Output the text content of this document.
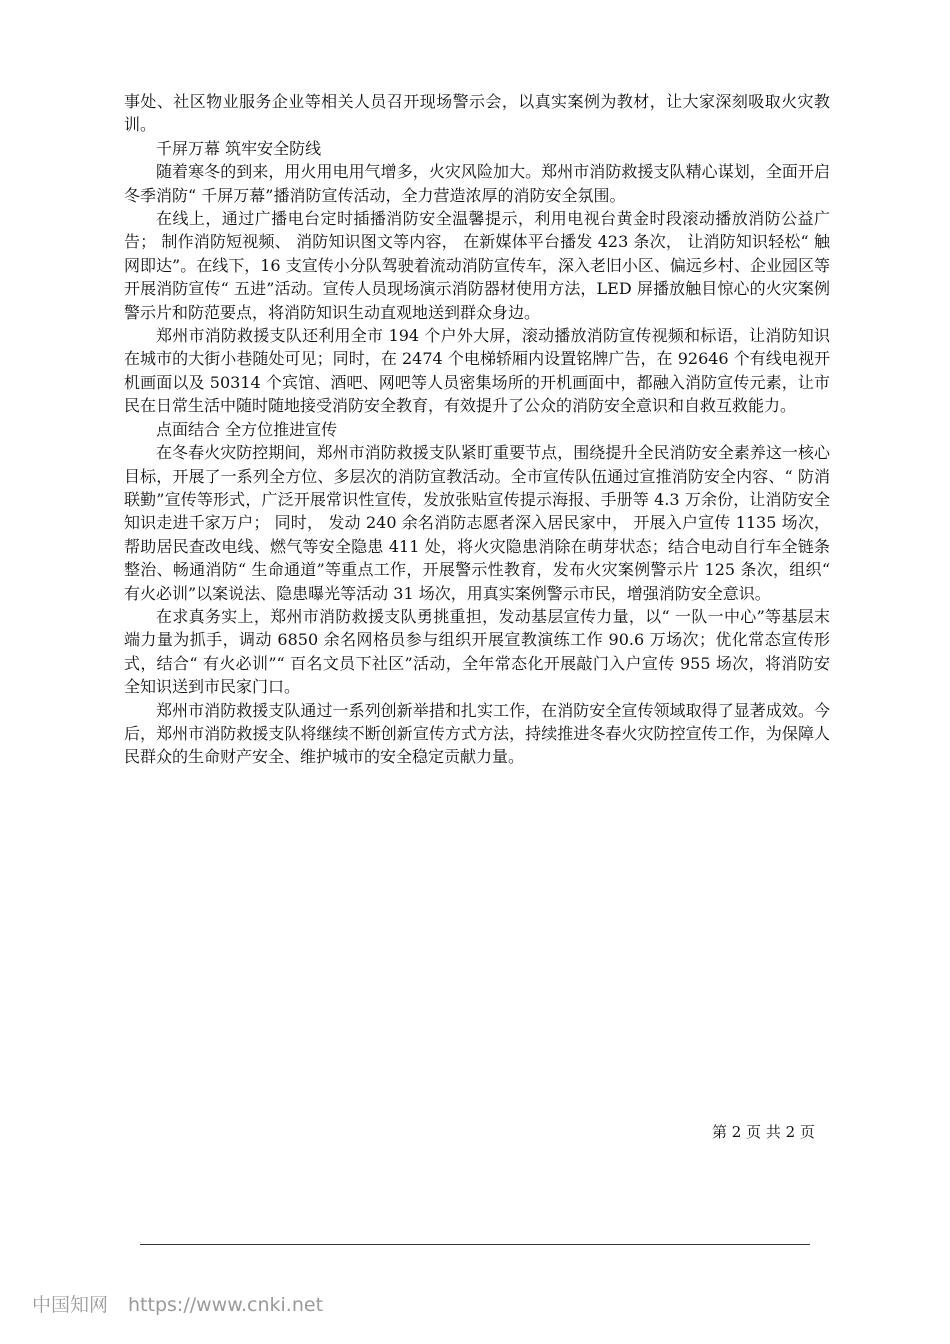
事处、社区物业服务企业等相关人员召开现场警示会，以真实案例为教材，让大家深刻吸取火灾教训。

千屏万幕 筑牢安全防线

随着寒冬的到来，用火用电用气增多，火灾风险加大。郑州市消防救援支队精心谋划，全面开启冬季消防“ 千屏万幕”播消防宣传活动，全力营造浓厚的消防安全氛围。

在线上，通过广播电台定时插播消防安全温馨提示，利用电视台黄金时段滚动播放消防公益广告； 制作消防短视频、 消防知识图文等内容， 在新媒体平台播发 423 条次， 让消防知识轻松“ 触网即达”。在线下，16 支宣传小分队驾驶着流动消防宣传车，深入老旧小区、偏远乡村、企业园区等开展消防宣传“ 五进”活动。宣传人员现场演示消防器材使用方法，LED 屏播放触目惊心的火灾案例警示片和防范要点，将消防知识生动直观地送到群众身边。

郑州市消防救援支队还利用全市 194 个户外大屏，滚动播放消防宣传视频和标语，让消防知识在城市的大街小巷随处可见；同时，在 2474 个电梯轿厢内设置铭牌广告，在 92646 个有线电视开机画面以及 50314 个宾馆、酒吧、网吧等人员密集场所的开机画面中，都融入消防宣传元素，让市民在日常生活中随时随地接受消防安全教育，有效提升了公众的消防安全意识和自救互救能力。

点面结合 全方位推进宣传

在冬春火灾防控期间，郑州市消防救援支队紧盯重要节点，围绕提升全民消防安全素养这一核心目标，开展了一系列全方位、多层次的消防宣教活动。全市宣传队伍通过宣推消防安全内容、“ 防消联勤”宣传等形式，广泛开展常识性宣传，发放张贴宣传提示海报、手册等 4.3 万余份，让消防安全知识走进千家万户； 同时， 发动 240 余名消防志愿者深入居民家中， 开展入户宣传 1135 场次，帮助居民查改电线、燃气等安全隐患 411 处，将火灾隐患消除在萌芽状态；结合电动自行车全链条整治、畅通消防“ 生命通道”等重点工作，开展警示性教育，发布火灾案例警示片 125 条次，组织“ 有火必训”以案说法、隐患曝光等活动 31 场次，用真实案例警示市民，增强消防安全意识。

在求真务实上，郑州市消防救援支队勇挑重担，发动基层宣传力量，以“ 一队一中心”等基层末端力量为抓手，调动 6850 余名网格员参与组织开展宣教演练工作 90.6 万场次；优化常态宣传形式，结合“ 有火必训”“ 百名文员下社区”活动，全年常态化开展敲门入户宣传 955 场次，将消防安全知识送到市民家门口。

郑州市消防救援支队通过一系列创新举措和扎实工作，在消防安全宣传领域取得了显著成效。今后，郑州市消防救援支队将继续不断创新宣传方式方法，持续推进冬春火灾防控宣传工作，为保障人民群众的生命财产安全、维护城市的安全稳定贡献力量。

第 2 页 共 2 页
中国知网 https://www.cnki.net
